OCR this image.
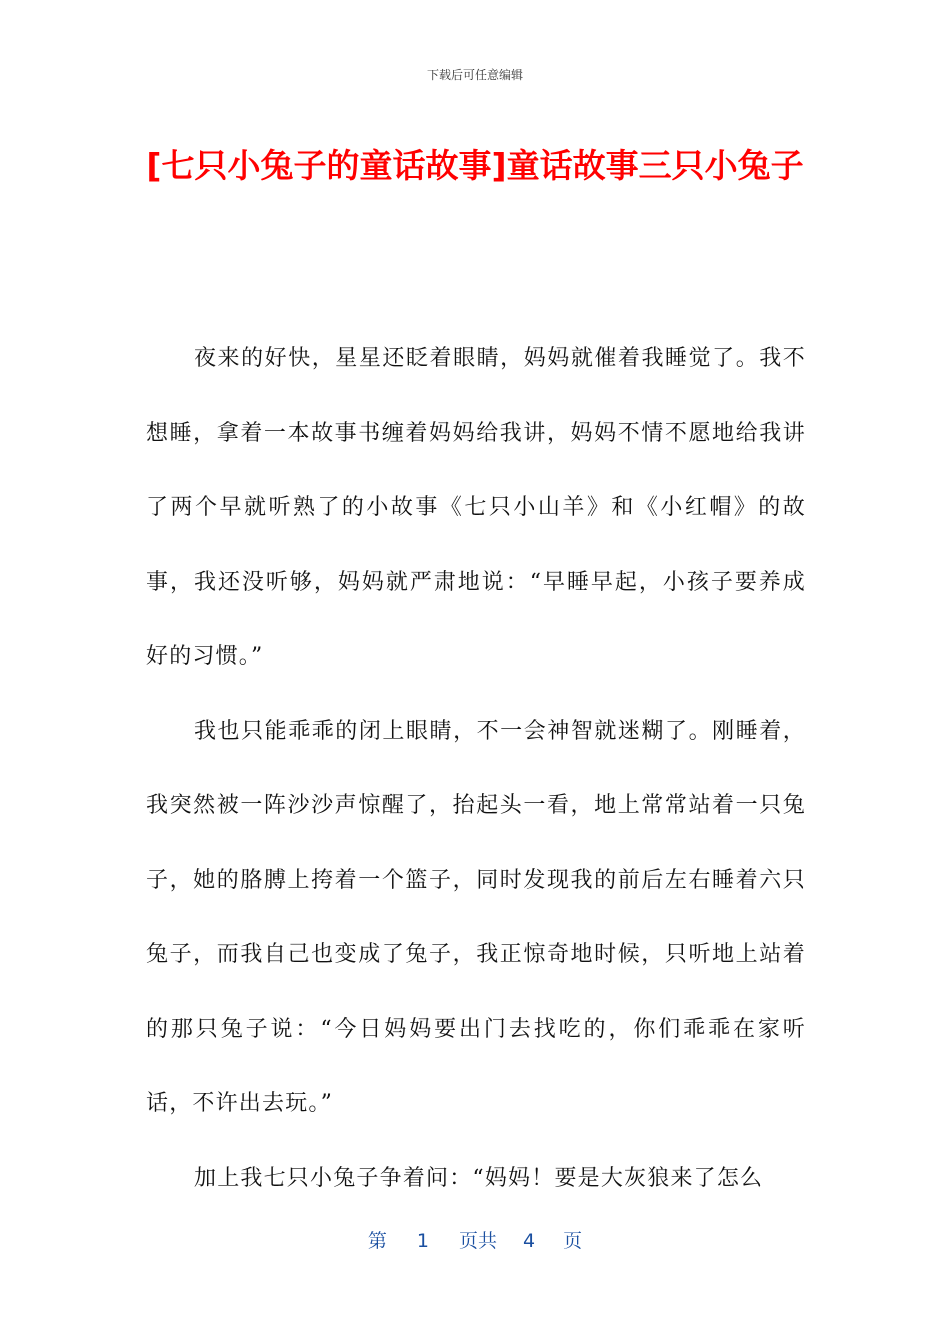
下载后可任意编辑
[七只小兔子的童话故事]童话故事三只小兔子

夜来的好快，星星还眨着眼睛，妈妈就催着我睡觉了。我不想睡，拿着一本故事书缠着妈妈给我讲，妈妈不情不愿地给我讲了两个早就听熟了的小故事《七只小山羊》和《小红帽》的故事，我还没听够，妈妈就严肃地说：“早睡早起，小孩子要养成好的习惯。”

我也只能乖乖的闭上眼睛，不一会神智就迷糊了。刚睡着，我突然被一阵沙沙声惊醒了，抬起头一看，地上常常站着一只兔子，她的胳膊上挎着一个篮子，同时发现我的前后左右睡着六只兔子，而我自己也变成了兔子，我正惊奇地时候，只听地上站着的那只兔子说：“今日妈妈要出门去找吃的，你们乖乖在家听话，不许出去玩。”

加上我七只小兔子争着问：“妈妈！要是大灰狼来了怎么

第 1 页共 4 页
